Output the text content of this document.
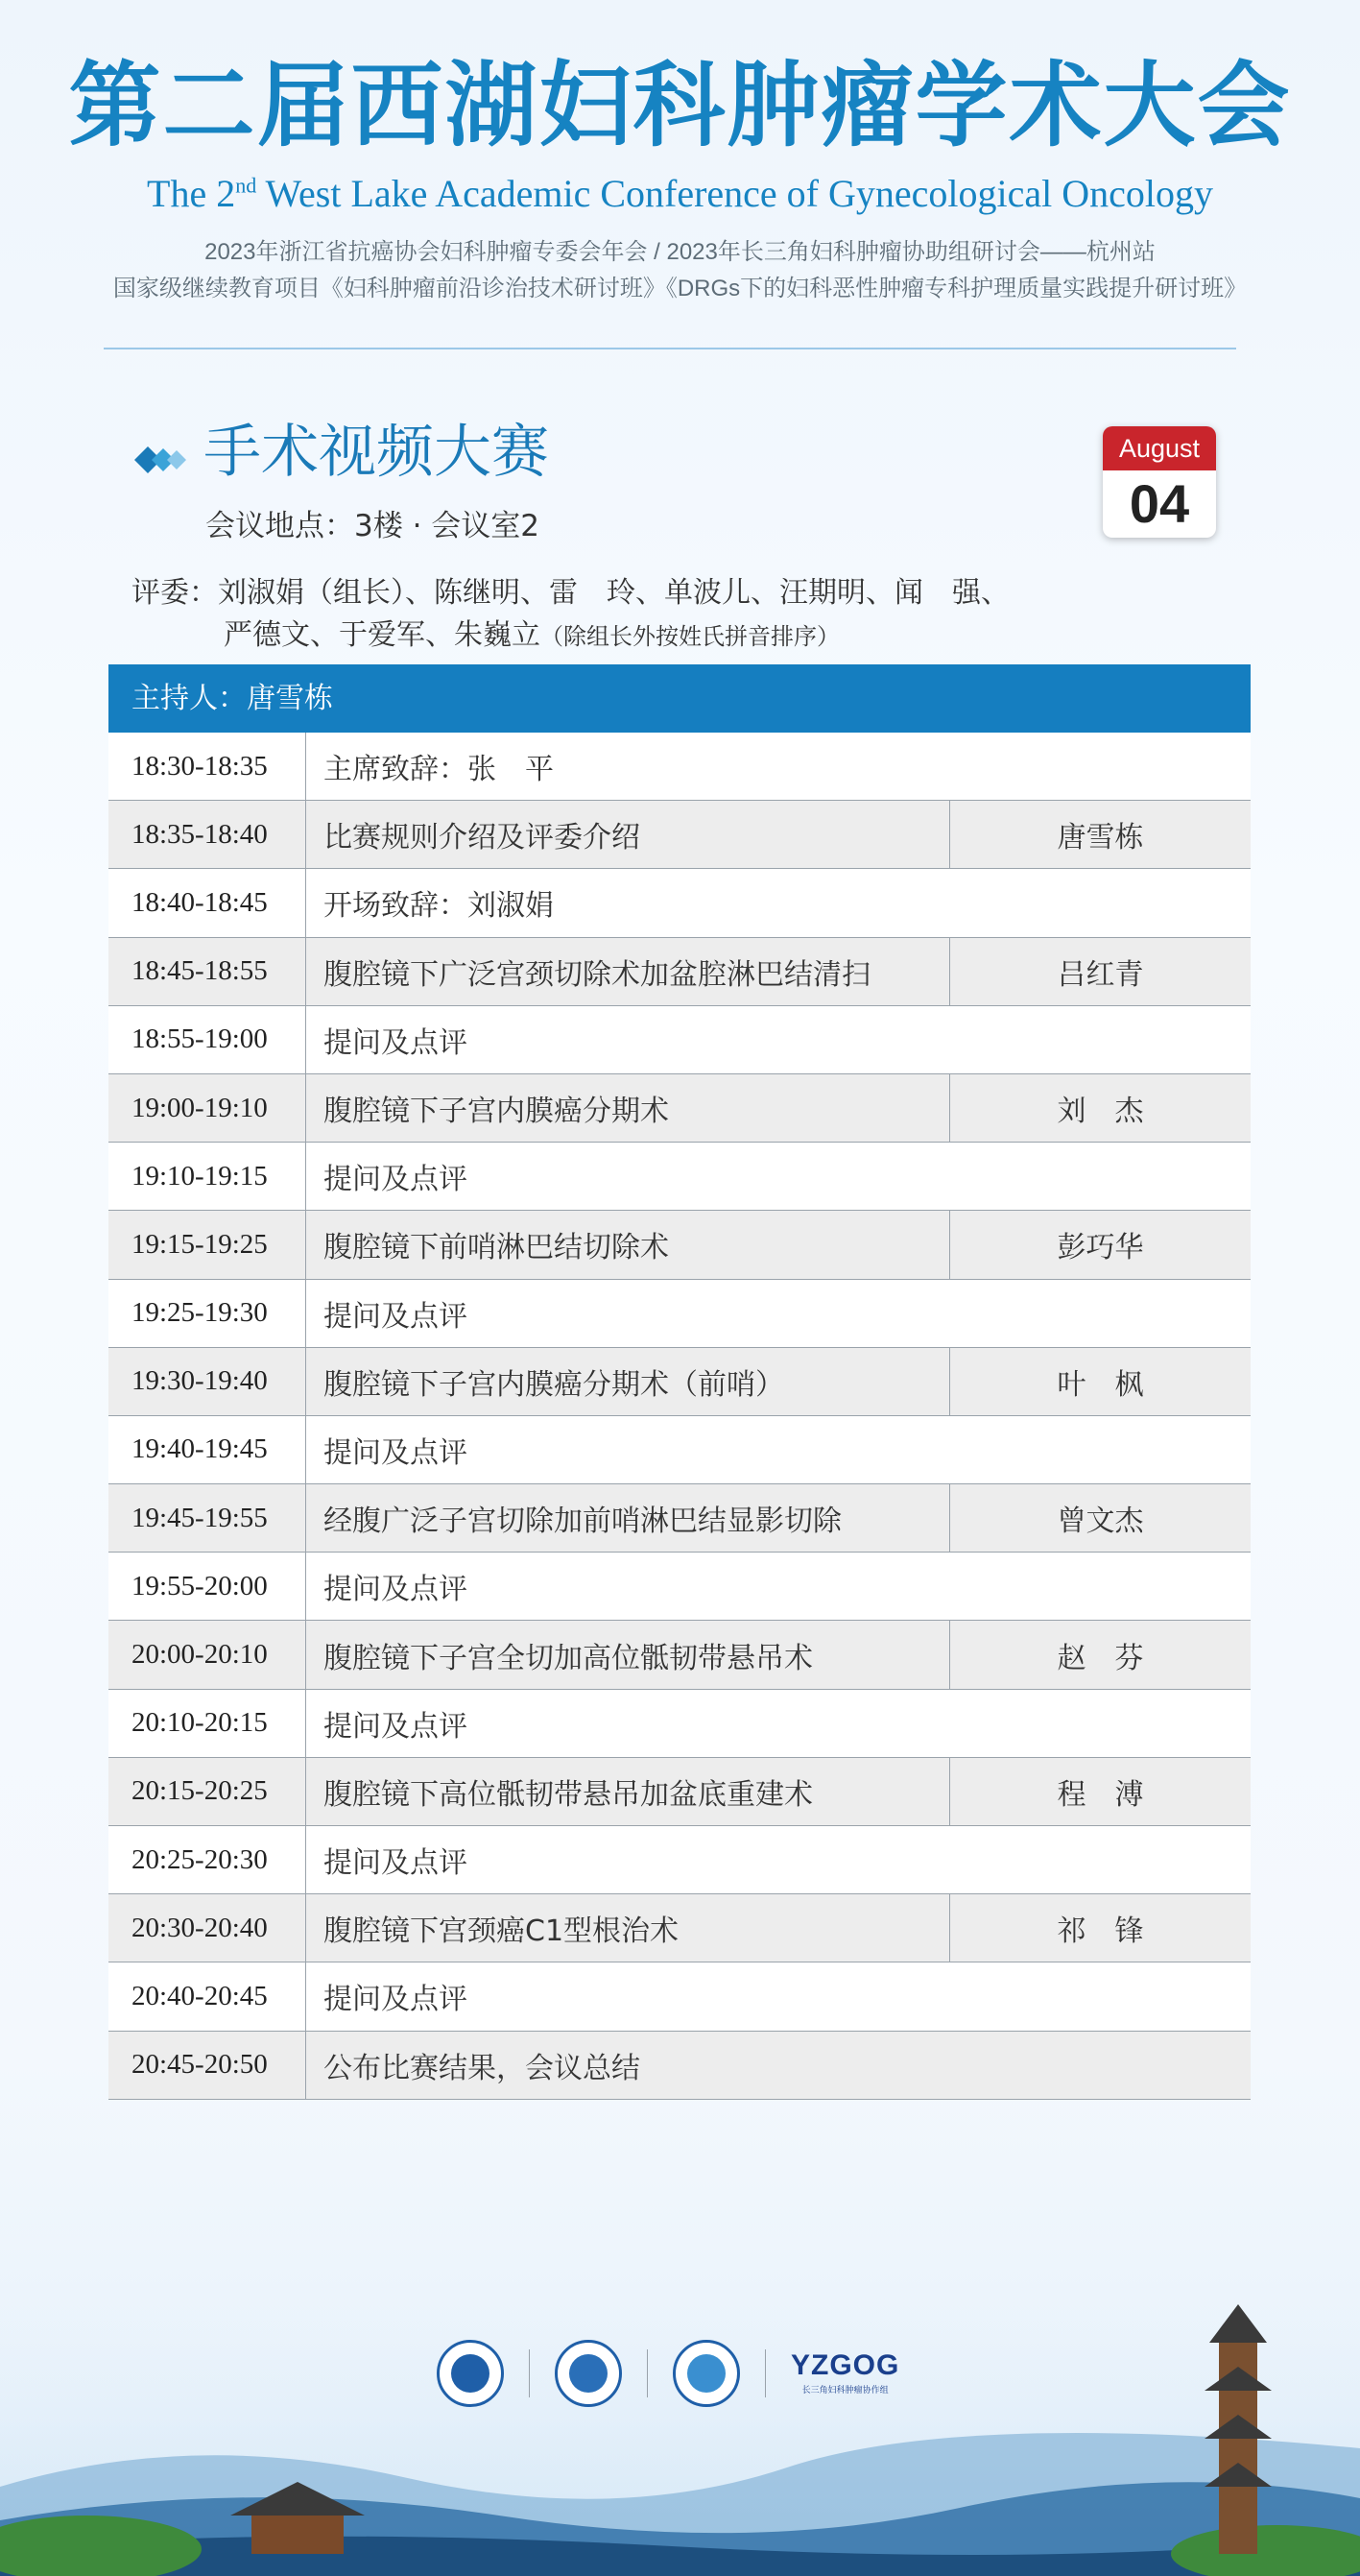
第二届西湖妇科肿瘤学术大会
The 2nd West Lake Academic Conference of Gynecological Oncology
2023年浙江省抗癌协会妇科肿瘤专委会年会 / 2023年长三角妇科肿瘤协助组研讨会——杭州站
国家级继续教育项目《妇科肿瘤前沿诊治技术研讨班》《DRGs下的妇科恶性肿瘤专科护理质量实践提升研讨班》
手术视频大赛
会议地点：3楼 · 会议室2
August
04
评委：刘淑娟（组长）、陈继明、雷　玲、单波儿、汪期明、闻　强、
严德文、于爱军、朱巍立（除组长外按姓氏拼音排序）
主持人：唐雪栋
18:30-18:35	主席致辞：张　平
18:35-18:40	比赛规则介绍及评委介绍	唐雪栋
18:40-18:45	开场致辞：刘淑娟
18:45-18:55	腹腔镜下广泛宫颈切除术加盆腔淋巴结清扫	吕红青
18:55-19:00	提问及点评
19:00-19:10	腹腔镜下子宫内膜癌分期术	刘　杰
19:10-19:15	提问及点评
19:15-19:25	腹腔镜下前哨淋巴结切除术	彭巧华
19:25-19:30	提问及点评
19:30-19:40	腹腔镜下子宫内膜癌分期术（前哨）	叶　枫
19:40-19:45	提问及点评
19:45-19:55	经腹广泛子宫切除加前哨淋巴结显影切除	曾文杰
19:55-20:00	提问及点评
20:00-20:10	腹腔镜下子宫全切加高位骶韧带悬吊术	赵　芬
20:10-20:15	提问及点评
20:15-20:25	腹腔镜下高位骶韧带悬吊加盆底重建术	程　溥
20:25-20:30	提问及点评
20:30-20:40	腹腔镜下宫颈癌C1型根治术	祁　锋
20:40-20:45	提问及点评
20:45-20:50	公布比赛结果，会议总结
YZGOG
长三角妇科肿瘤协作组
